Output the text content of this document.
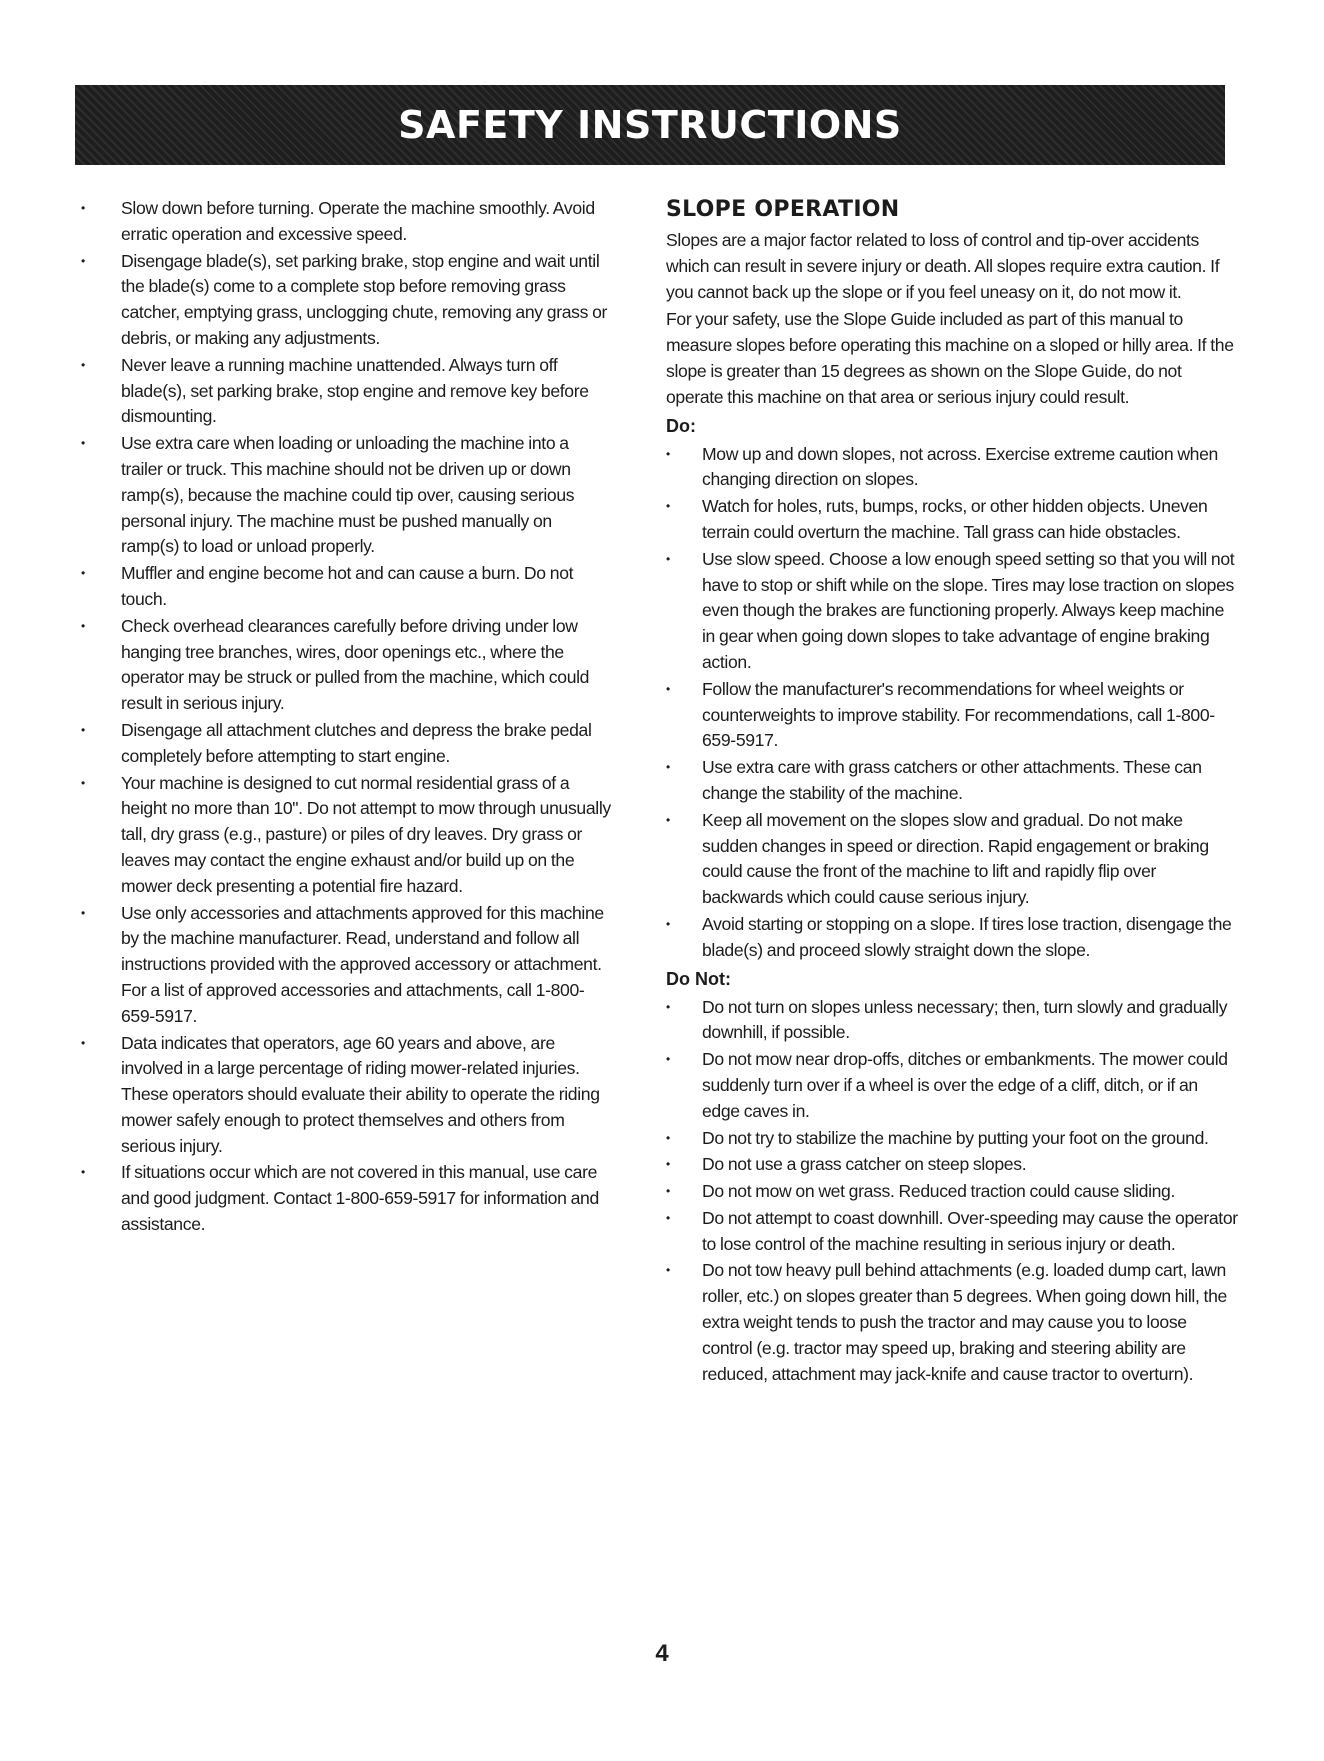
SAFETY INSTRUCTIONS
• Slow down before turning. Operate the machine smoothly. Avoid erratic operation and excessive speed.
• Disengage blade(s), set parking brake, stop engine and wait until the blade(s) come to a complete stop before removing grass catcher, emptying grass, unclogging chute, removing any grass or debris, or making any adjustments.
• Never leave a running machine unattended. Always turn off blade(s), set parking brake, stop engine and remove key before dismounting.
• Use extra care when loading or unloading the machine into a trailer or truck. This machine should not be driven up or down ramp(s), because the machine could tip over, causing serious personal injury. The machine must be pushed manually on ramp(s) to load or unload properly.
• Muffler and engine become hot and can cause a burn. Do not touch.
• Check overhead clearances carefully before driving under low hanging tree branches, wires, door openings etc., where the operator may be struck or pulled from the machine, which could result in serious injury.
• Disengage all attachment clutches and depress the brake pedal completely before attempting to start engine.
• Your machine is designed to cut normal residential grass of a height no more than 10". Do not attempt to mow through unusually tall, dry grass (e.g., pasture) or piles of dry leaves. Dry grass or leaves may contact the engine exhaust and/or build up on the mower deck presenting a potential fire hazard.
• Use only accessories and attachments approved for this machine by the machine manufacturer. Read, understand and follow all instructions provided with the approved accessory or attachment. For a list of approved accessories and attachments, call 1-800-659-5917.
• Data indicates that operators, age 60 years and above, are involved in a large percentage of riding mower-related injuries. These operators should evaluate their ability to operate the riding mower safely enough to protect themselves and others from serious injury.
• If situations occur which are not covered in this manual, use care and good judgment. Contact 1-800-659-5917 for information and assistance.
SLOPE OPERATION

Slopes are a major factor related to loss of control and tip-over accidents which can result in severe injury or death. All slopes require extra caution. If you cannot back up the slope or if you feel uneasy on it, do not mow it.

For your safety, use the Slope Guide included as part of this manual to measure slopes before operating this machine on a sloped or hilly area. If the slope is greater than 15 degrees as shown on the Slope Guide, do not operate this machine on that area or serious injury could result.

Do:
• Mow up and down slopes, not across. Exercise extreme caution when changing direction on slopes.
• Watch for holes, ruts, bumps, rocks, or other hidden objects. Uneven terrain could overturn the machine. Tall grass can hide obstacles.
• Use slow speed. Choose a low enough speed setting so that you will not have to stop or shift while on the slope. Tires may lose traction on slopes even though the brakes are functioning properly. Always keep machine in gear when going down slopes to take advantage of engine braking action.
• Follow the manufacturer's recommendations for wheel weights or counterweights to improve stability. For recommendations, call 1-800-659-5917.
• Use extra care with grass catchers or other attachments. These can change the stability of the machine.
• Keep all movement on the slopes slow and gradual. Do not make sudden changes in speed or direction. Rapid engagement or braking could cause the front of the machine to lift and rapidly flip over backwards which could cause serious injury.
• Avoid starting or stopping on a slope. If tires lose traction, disengage the blade(s) and proceed slowly straight down the slope.
Do Not:
• Do not turn on slopes unless necessary; then, turn slowly and gradually downhill, if possible.
• Do not mow near drop-offs, ditches or embankments. The mower could suddenly turn over if a wheel is over the edge of a cliff, ditch, or if an edge caves in.
• Do not try to stabilize the machine by putting your foot on the ground.
• Do not use a grass catcher on steep slopes.
• Do not mow on wet grass. Reduced traction could cause sliding.
• Do not attempt to coast downhill. Over-speeding may cause the operator to lose control of the machine resulting in serious injury or death.
• Do not tow heavy pull behind attachments (e.g. loaded dump cart, lawn roller, etc.) on slopes greater than 5 degrees. When going down hill, the extra weight tends to push the tractor and may cause you to loose control (e.g. tractor may speed up, braking and steering ability are reduced, attachment may jack-knife and cause tractor to overturn).
4
